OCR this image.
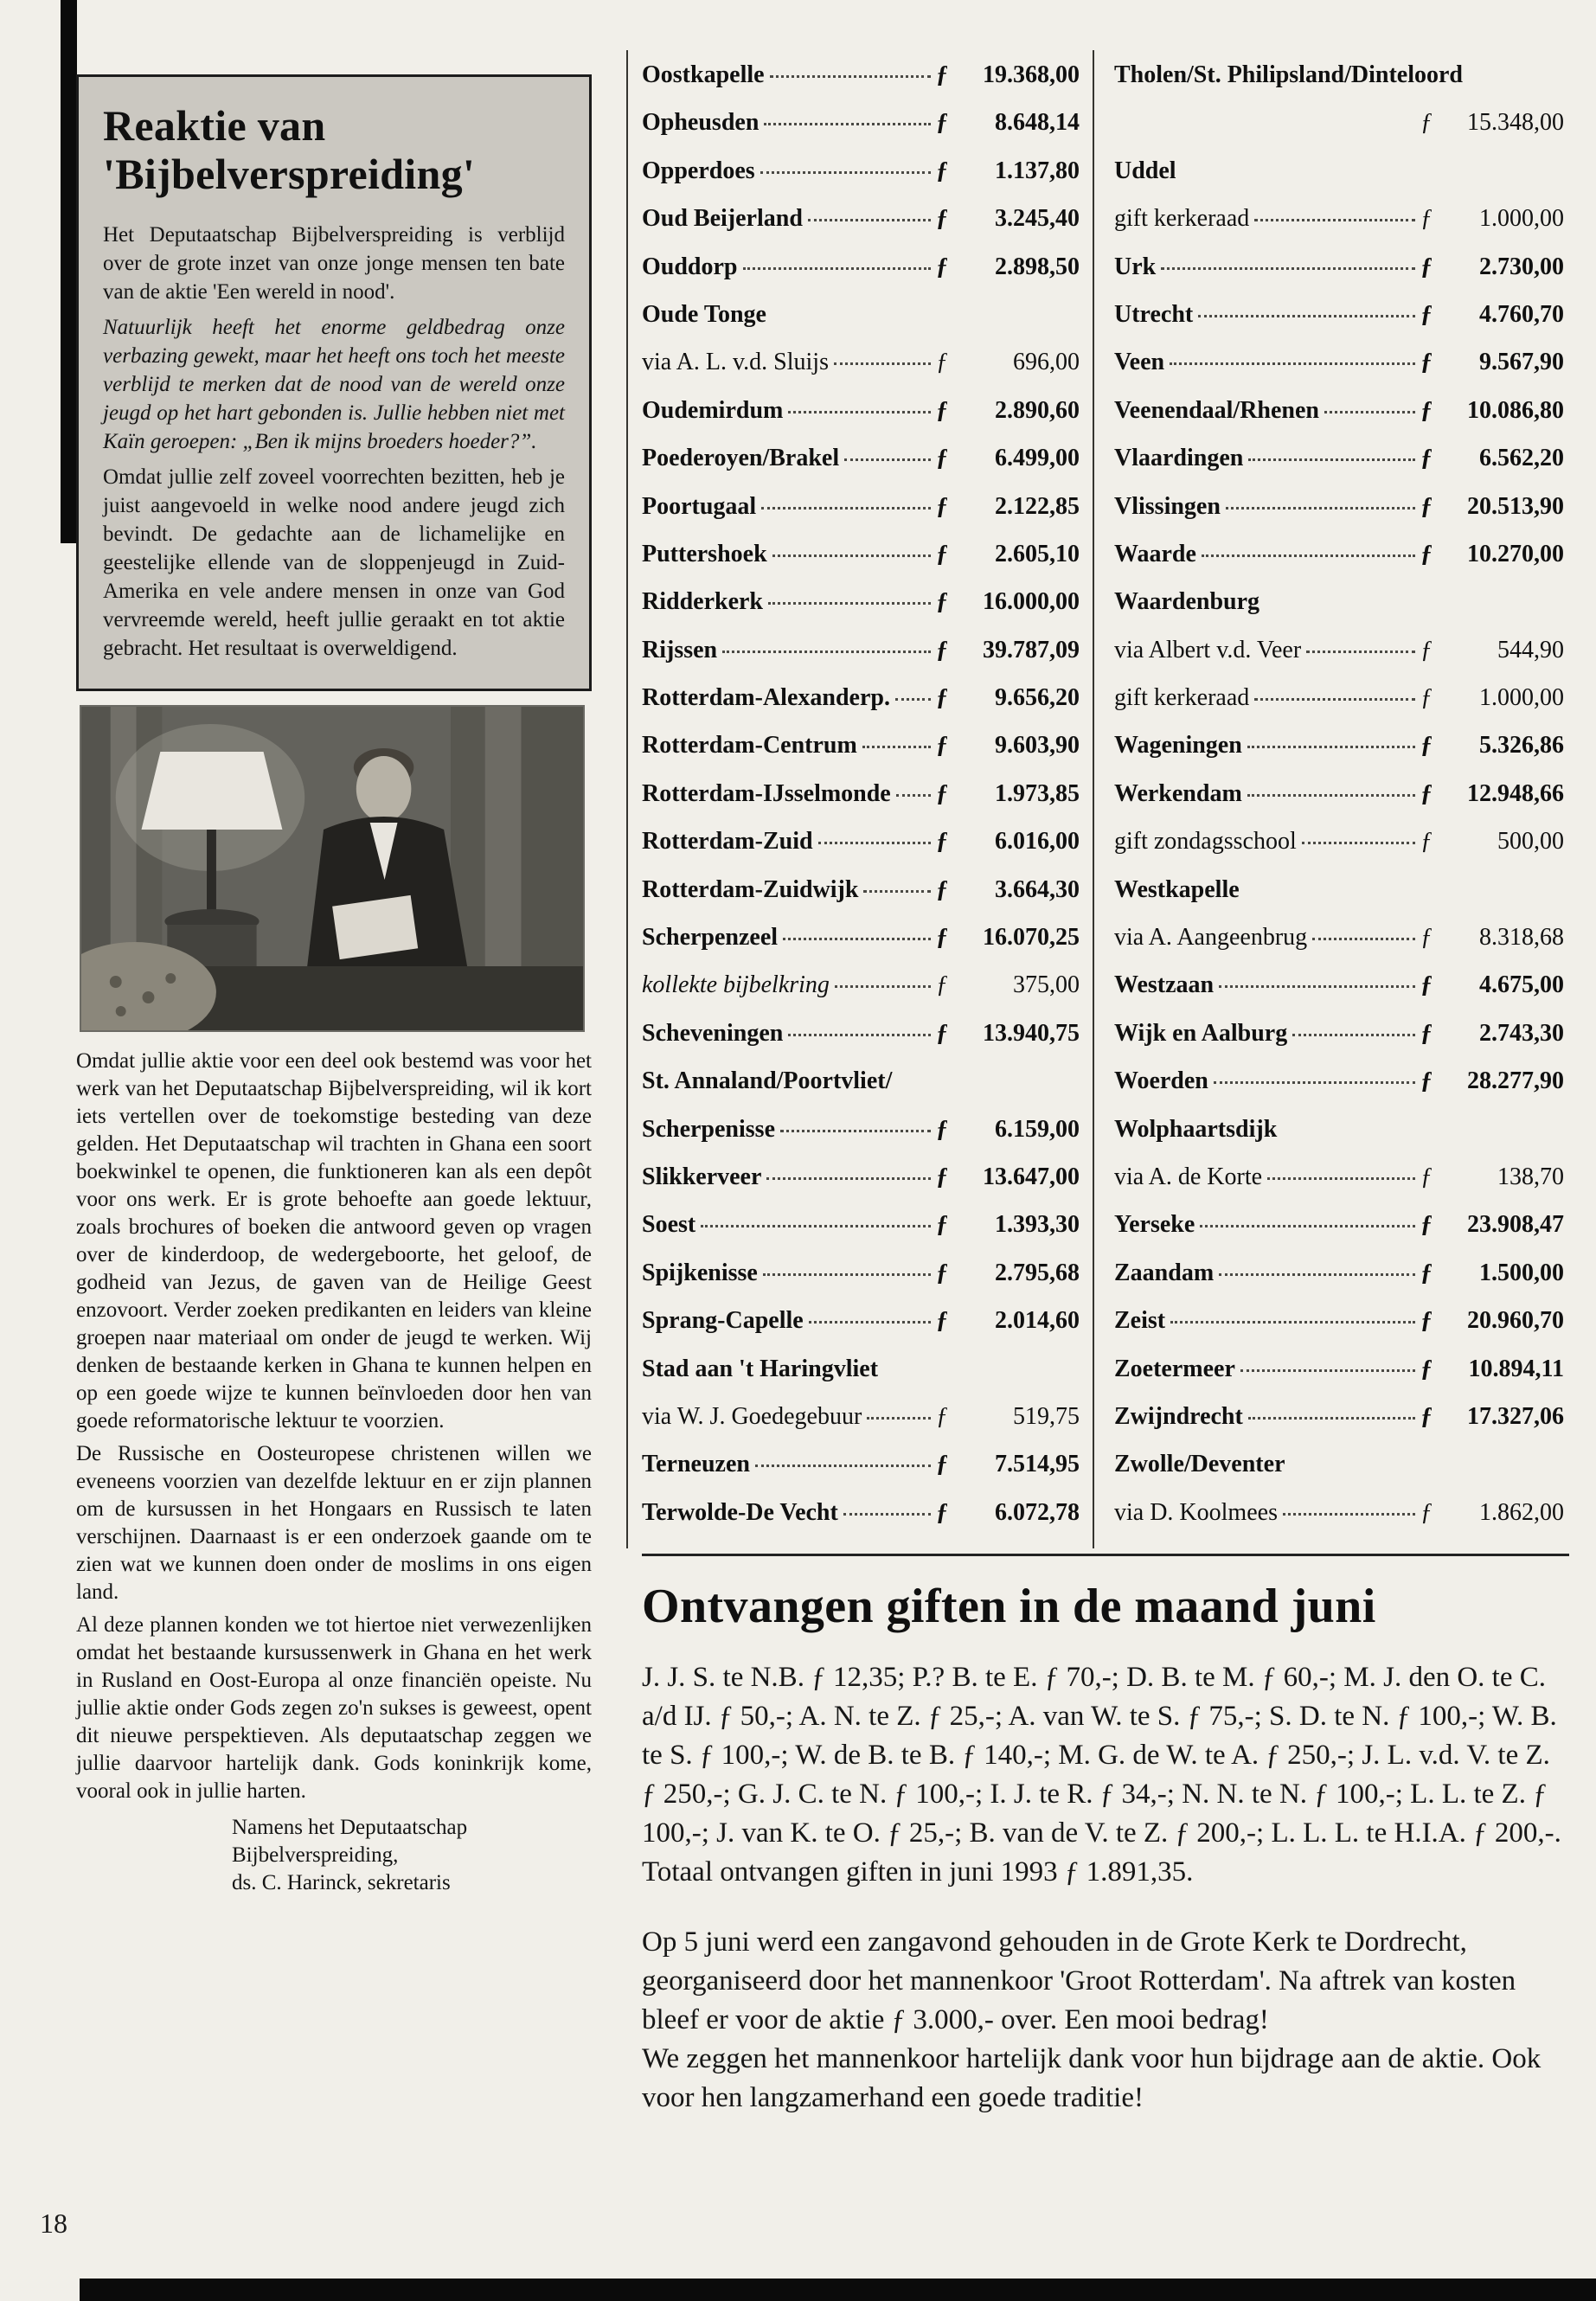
Reaktie van
'Bijbelverspreiding'

Het Deputaatschap Bijbelverspreiding is verblijd over de grote inzet van onze jonge mensen ten bate van de aktie 'Een wereld in nood'.

Natuurlijk heeft het enorme geldbedrag onze verbazing gewekt, maar het heeft ons toch het meeste verblijd te merken dat de nood van de wereld onze jeugd op het hart gebonden is. Jullie hebben niet met Kaïn geroepen: „Ben ik mijns broeders hoeder?”.

Omdat jullie zelf zoveel voorrechten bezitten, heb je juist aangevoeld in welke nood andere jeugd zich bevindt. De gedachte aan de lichamelijke en geestelijke ellende van de sloppenjeugd in Zuid-Amerika en vele andere mensen in onze van God vervreemde wereld, heeft jullie geraakt en tot aktie gebracht. Het resultaat is overweldigend.

Omdat jullie aktie voor een deel ook bestemd was voor het werk van het Deputaatschap Bijbelverspreiding, wil ik kort iets vertellen over de toekomstige besteding van deze gelden. Het Deputaatschap wil trachten in Ghana een soort boekwinkel te openen, die funktioneren kan als een depôt voor ons werk. Er is grote behoefte aan goede lektuur, zoals brochures of boeken die antwoord geven op vragen over de kinderdoop, de wedergeboorte, het geloof, de godheid van Jezus, de gaven van de Heilige Geest enzovoort. Verder zoeken predikanten en leiders van kleine groepen naar materiaal om onder de jeugd te werken. Wij denken de bestaande kerken in Ghana te kunnen helpen en op een goede wijze te kunnen beïnvloeden door hen van goede reformatorische lektuur te voorzien.

De Russische en Oosteuropese christenen willen we eveneens voorzien van dezelfde lektuur en er zijn plannen om de kursussen in het Hongaars en Russisch te laten verschijnen. Daarnaast is er een onderzoek gaande om te zien wat we kunnen doen onder de moslims in ons eigen land.

Al deze plannen konden we tot hiertoe niet verwezenlijken omdat het bestaande kursussenwerk in Ghana en het werk in Rusland en Oost-Europa al onze financiën opeiste. Nu jullie aktie onder Gods zegen zo'n sukses is geweest, opent dit nieuwe perspektieven. Als deputaatschap zeggen we jullie daarvoor hartelijk dank. Gods koninkrijk kome, vooral ook in jullie harten.

Namens het Deputaatschap
Bijbelverspreiding,
ds. C. Harinck, sekretaris
18
Oostkapelle	ƒ 19.368,00
Opheusden	ƒ 8.648,14
Opperdoes	ƒ 1.137,80
Oud Beijerland	ƒ 3.245,40
Ouddorp	ƒ 2.898,50
Oude Tonge
via A. L. v.d. Sluijs	ƒ	696,00
Oudemirdum	ƒ 2.890,60
Poederoyen/Brakel	ƒ 6.499,00
Poortugaal	ƒ 2.122,85
Puttershoek	ƒ 2.605,10
Ridderkerk	ƒ 16.000,00
Rijssen	ƒ 39.787,09
Rotterdam-Alexanderp. ƒ 9.656,20
Rotterdam-Centrum	ƒ 9.603,90
Rotterdam-IJsselmonde ƒ 1.973,85
Rotterdam-Zuid	ƒ 6.016,00
Rotterdam-Zuidwijk	ƒ 3.664,30
Scherpenzeel	ƒ 16.070,25
kollekte bijbelkring	ƒ	375,00
Scheveningen	ƒ 13.940,75
St. Annaland/Poortvliet/
Scherpenisse	ƒ 6.159,00
Slikkerveer	ƒ 13.647,00
Soest	ƒ 1.393,30
Spijkenisse	ƒ 2.795,68
Sprang-Capelle	ƒ 2.014,60
Stad aan 't Haringvliet
via W. J. Goedegebuur	ƒ	519,75
Terneuzen	ƒ 7.514,95
Terwolde-De Vecht	ƒ 6.072,78
Tholen/St. Philipsland/Dinteloord
ƒ 15.348,00
Uddel
gift kerkeraad	ƒ 1.000,00
Urk	ƒ 2.730,00
Utrecht	ƒ 4.760,70
Veen	ƒ 9.567,90
Veenendaal/Rhenen	ƒ 10.086,80
Vlaardingen	ƒ 6.562,20
Vlissingen	ƒ 20.513,90
Waarde	ƒ 10.270,00
Waardenburg
via Albert v.d. Veer	ƒ	544,90
gift kerkeraad	ƒ 1.000,00
Wageningen	ƒ 5.326,86
Werkendam	ƒ 12.948,66
gift zondagsschool	ƒ	500,00
Westkapelle
via A. Aangeenbrug	ƒ 8.318,68
Westzaan	ƒ 4.675,00
Wijk en Aalburg	ƒ 2.743,30
Woerden	ƒ 28.277,90
Wolphaartsdijk
via A. de Korte	ƒ	138,70
Yerseke	ƒ 23.908,47
Zaandam	ƒ 1.500,00
Zeist	ƒ 20.960,70
Zoetermeer	ƒ 10.894,11
Zwijndrecht	ƒ 17.327,06
Zwolle/Deventer
via D. Koolmees	ƒ 1.862,00
Ontvangen giften in de maand juni

J. J. S. te N.B. ƒ 12,35; P.? B. te E. ƒ 70,-; D. B. te M. ƒ 60,-; M. J. den O. te C. a/d IJ. ƒ 50,-; A. N. te Z. ƒ 25,-; A. van W. te S. ƒ 75,-; S. D. te N. ƒ 100,-; W. B. te S. ƒ 100,-; W. de B. te B. ƒ 140,-; M. G. de W. te A. ƒ 250,-; J. L. v.d. V. te Z. ƒ 250,-; G. J. C. te N. ƒ 100,-; I. J. te R. ƒ 34,-; N. N. te N. ƒ 100,-; L. L. te Z. ƒ 100,-; J. van K. te O. ƒ 25,-; B. van de V. te Z. ƒ 200,-; L. L. L. te H.I.A. ƒ 200,-.

Totaal ontvangen giften in juni 1993 ƒ 1.891,35.

Op 5 juni werd een zangavond gehouden in de Grote Kerk te Dordrecht, georganiseerd door het mannenkoor 'Groot Rotterdam'. Na aftrek van kosten bleef er voor de aktie ƒ 3.000,- over. Een mooi bedrag!

We zeggen het mannenkoor hartelijk dank voor hun bijdrage aan de aktie. Ook voor hen langzamerhand een goede traditie!
